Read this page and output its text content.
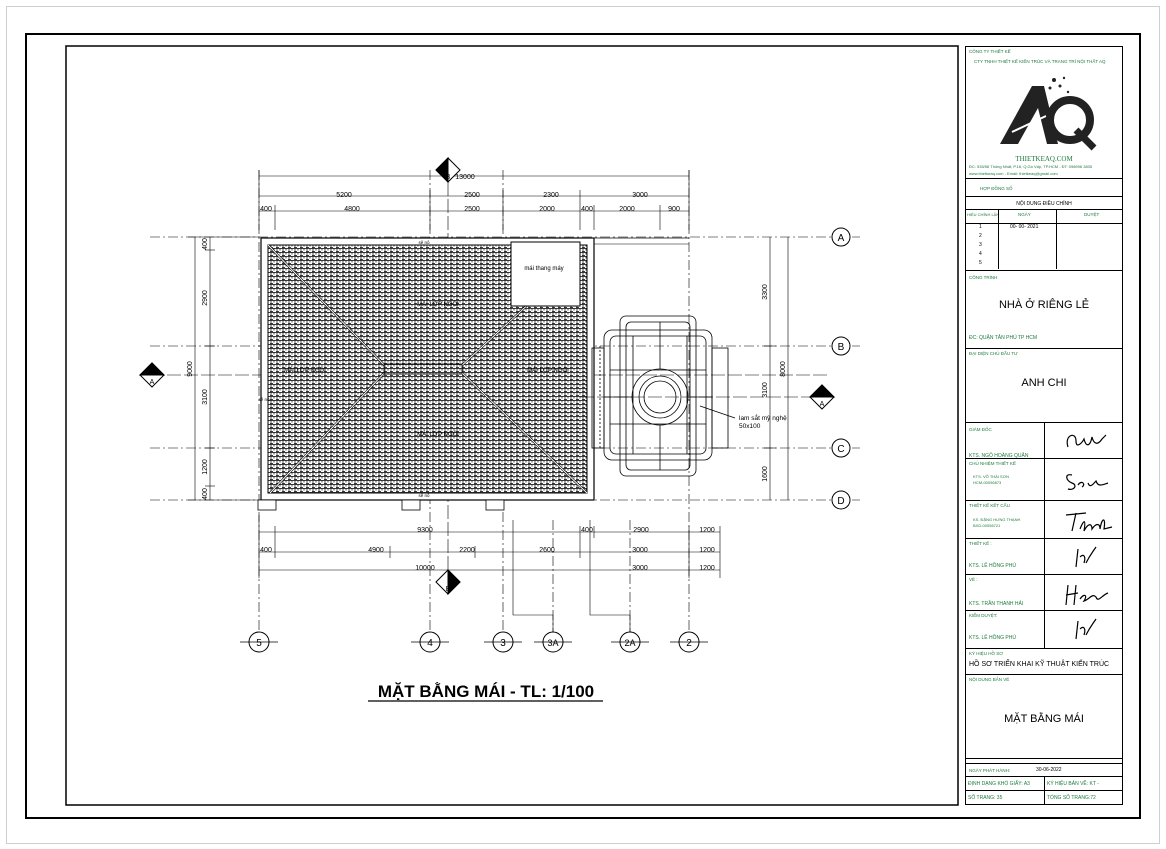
13000
5200	2500	2300	3000
400	4800	2500	2000	400	2000	900
9300	400	2900	1200
400	4900	2200	2600	3000	1200
10000	3000	1200
400
2900
3100
9000
1200
400
3300
8000
3100
1600
MÁI LỢP NGÓI
MÁI LỢP NGÓI	MÁI LỢP NGÓI
MÁI LỢP NGÓI
mái thang máy
sê nô
sê nô
sê nô
lam sắt mỹ nghệ
50x100
A
B
C
D
5	4	3	3A	2A	2
A
A
B
B
MẶT BẰNG MÁI - TL: 1/100
CÔNG TY THIẾT KẾ
CTY TNHH THIẾT KẾ KIẾN TRÚC VÀ TRANG TRÍ NỘI THẤT AQ
THIETKEAQ.COM
ĐC: 535/56 Thống Nhất, P.16, Q.Gò Vấp, TP.HCM - ĐT: 098996 3835
www.thietkeaq.com - Email: thietkeaq@gmail.com
HỢP ĐỒNG SỐ
NỘI DUNG ĐIỀU CHỈNH
HIỆU CHỈNH LẦN	NGÀY	DUYỆT
1	00- 00- 2021
2
3
4
5
CÔNG TRÌNH
NHÀ Ở RIÊNG LẺ
ĐC: QUẬN TÂN PHÚ TP HCM
ĐẠI DIỆN CHỦ ĐẦU TƯ
ANH CHI
GIÁM ĐỐC
KTS. NGÔ HOÀNG QUÂN
CHỦ NHIỆM THIẾT KẾ
KTS. VÕ THÁI SƠN
HCM-00096873
THIẾT KẾ KẾT CẤU
KS. ĐẶNG HƯNG THẠNH
BXD-00056721
THIẾT KẾ :
KTS. LÊ HỒNG PHÚ
VẼ :
KTS. TRẦN THANH HẢI
KIỂM DUYỆT:
KTS. LÊ HỒNG PHÚ
KÝ HIỆU HỒ SƠ
HỒ SƠ TRIỂN KHAI KỸ THUẬT KIẾN TRÚC
NỘI DUNG BẢN VẼ
MẶT BẰNG MÁI
NGÀY PHÁT HÀNH:	30-06-2022
ĐỊNH DẠNG KHỔ GIẤY: A3	KÝ HIỆU BẢN VẼ: KT -
SỐ TRANG: 35	TỔNG SỐ TRANG:72
